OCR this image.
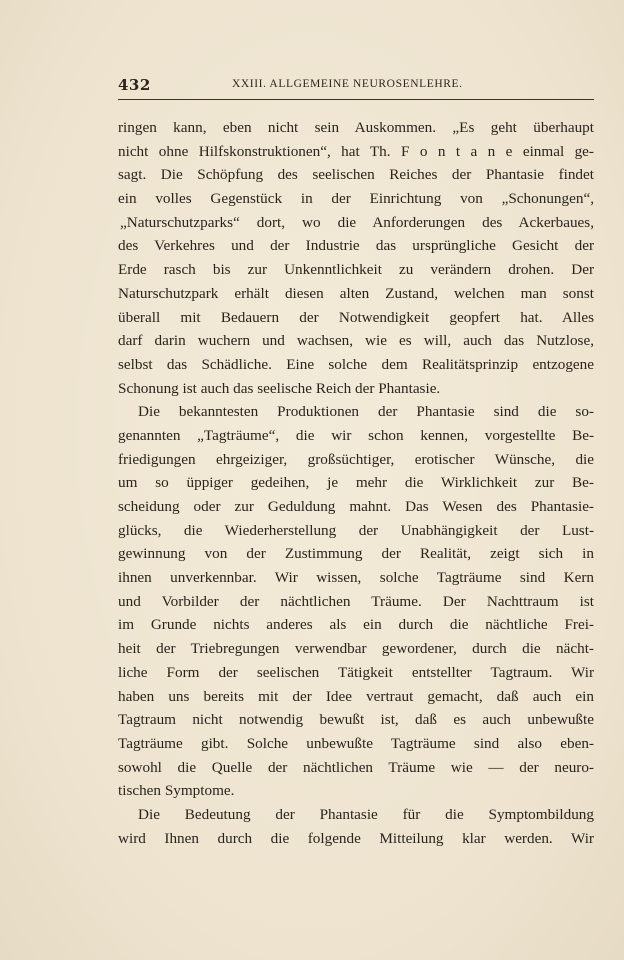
432	XXIII. ALLGEMEINE NEUROSENLEHRE.
ringen kann, eben nicht sein Auskommen. „Es geht überhaupt
nicht ohne Hilfskonstruktionen“, hat Th. F o n t a n e einmal ge-
sagt. Die Schöpfung des seelischen Reiches der Phantasie findet
ein volles Gegenstück in der Einrichtung von „Schonungen“,
„Naturschutzparks“ dort, wo die Anforderungen des Ackerbaues,
des Verkehres und der Industrie das ursprüngliche Gesicht der
Erde rasch bis zur Unkenntlichkeit zu verändern drohen. Der
Naturschutzpark erhält diesen alten Zustand, welchen man sonst
überall mit Bedauern der Notwendigkeit geopfert hat. Alles
darf darin wuchern und wachsen, wie es will, auch das Nutzlose,
selbst das Schädliche. Eine solche dem Realitätsprinzip entzogene
Schonung ist auch das seelische Reich der Phantasie.
Die bekanntesten Produktionen der Phantasie sind die so-
genannten „Tagträume“, die wir schon kennen, vorgestellte Be-
friedigungen ehrgeiziger, großsüchtiger, erotischer Wünsche, die
um so üppiger gedeihen, je mehr die Wirklichkeit zur Be-
scheidung oder zur Geduldung mahnt. Das Wesen des Phantasie-
glücks, die Wiederherstellung der Unabhängigkeit der Lust-
gewinnung von der Zustimmung der Realität, zeigt sich in
ihnen unverkennbar. Wir wissen, solche Tagträume sind Kern
und Vorbilder der nächtlichen Träume. Der Nachttraum ist
im Grunde nichts anderes als ein durch die nächtliche Frei-
heit der Triebregungen verwendbar gewordener, durch die nächt-
liche Form der seelischen Tätigkeit entstellter Tagtraum. Wir
haben uns bereits mit der Idee vertraut gemacht, daß auch ein
Tagtraum nicht notwendig bewußt ist, daß es auch unbewußte
Tagträume gibt. Solche unbewußte Tagträume sind also eben-
sowohl die Quelle der nächtlichen Träume wie — der neuro-
tischen Symptome.
Die Bedeutung der Phantasie für die Symptombildung
wird Ihnen durch die folgende Mitteilung klar werden. Wir
